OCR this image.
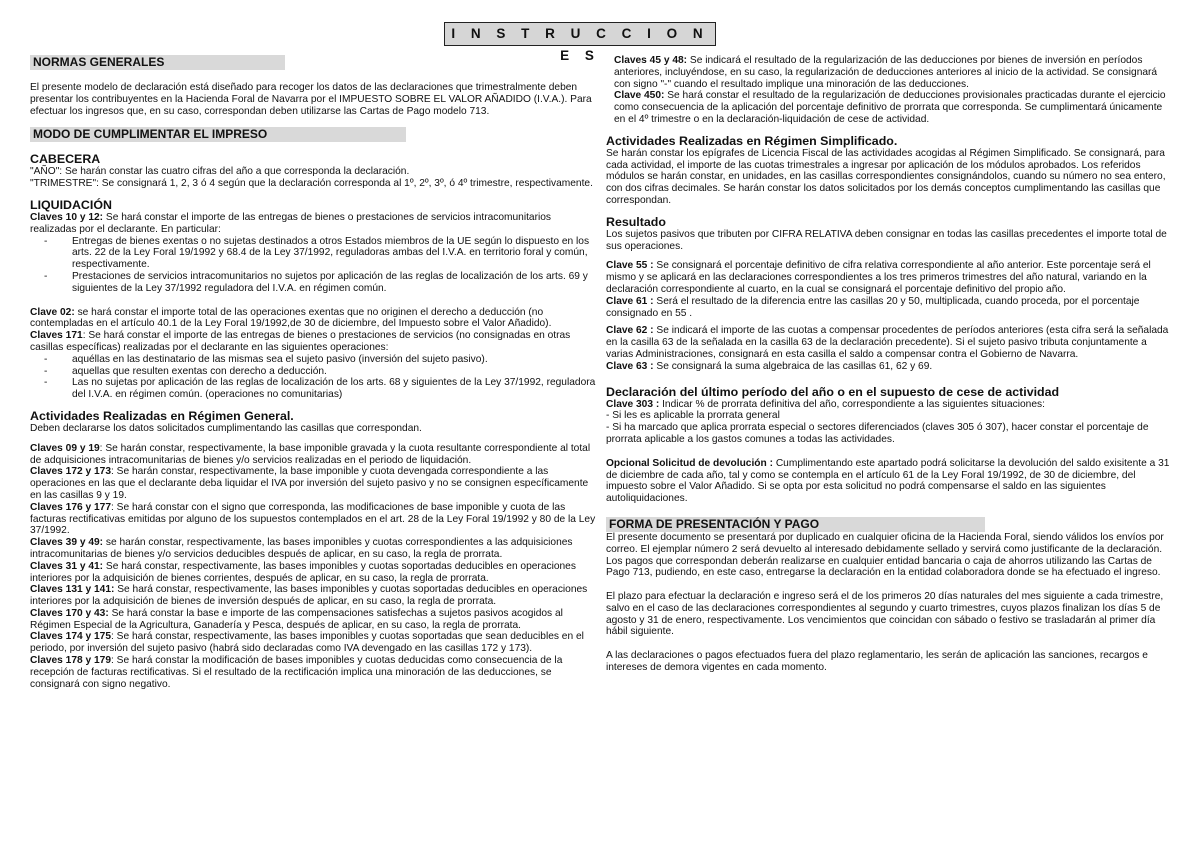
I N S T R U C C I O N E S
NORMAS GENERALES

El presente modelo de declaración está diseñado para recoger los datos de las declaraciones que trimestralmente deben presentar los contribuyentes en la Hacienda Foral de Navarra por el IMPUESTO SOBRE EL VALOR AÑADIDO (I.V.A.). Para efectuar los ingresos que, en su caso, correspondan deben utilizarse las Cartas de Pago modelo 713.

MODO DE CUMPLIMENTAR EL IMPRESO
CABECERA

"AÑO": Se harán constar las cuatro cifras del año a que corresponda la declaración.

"TRIMESTRE": Se consignará 1, 2, 3 ó 4 según que la declaración corresponda al 1º, 2º, 3º, ó 4º trimestre, respectivamente.

LIQUIDACIÓN

Claves 10 y 12: Se hará constar el importe de las entregas de bienes o prestaciones de servicios intracomunitarios realizadas por el declarante. En particular:

- Entregas de bienes exentas o no sujetas destinados a otros Estados miembros de la UE según lo dispuesto en los arts. 22 de la Ley Foral 19/1992 y 68.4 de la Ley 37/1992, reguladoras ambas del I.V.A. en territorio foral y común, respectivamente.
- Prestaciones de servicios intracomunitarios no sujetos por aplicación de las reglas de localización de los arts. 69 y siguientes de la Ley 37/1992 reguladora del I.V.A. en régimen común.

Clave 02: se hará constar el importe total de las operaciones exentas que no originen el derecho a deducción (no contempladas en el artículo 40.1 de la Ley Foral 19/1992,de 30 de diciembre, del Impuesto sobre el Valor Añadido).

Claves 171: Se hará constar el importe de las entregas de bienes o prestaciones de servicios (no consignadas en otras casillas específicas) realizadas por el declarante en las siguientes operaciones:

- aquéllas en las destinatario de las mismas sea el sujeto pasivo (inversión del sujeto pasivo).
- aquellas que resulten exentas con derecho a deducción.
- Las no sujetas por aplicación de las reglas de localización de los arts. 68 y siguientes de la Ley 37/1992, reguladora del I.V.A. en régimen común. (operaciones no comunitarias)
Actividades Realizadas en Régimen General.

Deben declararse los datos solicitados cumplimentando las casillas que correspondan.

Claves 09 y 19: Se harán constar, respectivamente, la base imponible gravada y la cuota resultante correspondiente al total de adquisiciones intracomunitarias de bienes y/o servicios realizadas en el periodo de liquidación.

Claves 172 y 173: Se harán constar, respectivamente, la base imponible y cuota devengada correspondiente a las operaciones en las que el declarante deba liquidar el IVA por inversión del sujeto pasivo y no se consignen específicamente en las casillas 9 y 19.

Claves 176 y 177: Se hará constar con el signo que corresponda, las modificaciones de base imponible y cuota de las facturas rectificativas emitidas por alguno de los supuestos contemplados en el art. 28 de la Ley Foral 19/1992 y 80 de la Ley 37/1992.

Claves 39 y 49: se harán constar, respectivamente, las bases imponibles y cuotas correspondientes a las adquisiciones intracomunitarias de bienes y/o servicios deducibles después de aplicar, en su caso, la regla de prorrata.

Claves 31 y 41: Se hará constar, respectivamente, las bases imponibles y cuotas soportadas deducibles en operaciones interiores por la adquisición de bienes corrientes, después de aplicar, en su caso, la regla de prorrata.

Claves 131 y 141: Se hará constar, respectivamente, las bases imponibles y cuotas soportadas deducibles en operaciones interiores por la adquisición de bienes de inversión después de aplicar, en su caso, la regla de prorrata.

Claves 170 y 43: Se hará constar la base e importe de las compensaciones satisfechas a sujetos pasivos acogidos al Régimen Especial de la Agricultura, Ganadería y Pesca, después de aplicar, en su caso, la regla de prorrata.

Claves 174 y 175: Se hará constar, respectivamente, las bases imponibles y cuotas soportadas que sean deducibles en el periodo, por inversión del sujeto pasivo (habrá sido declaradas como IVA devengado en las casillas 172 y 173).

Claves 178 y 179: Se hará constar la modificación de bases imponibles y cuotas deducidas como consecuencia de la recepción de facturas rectificativas. Si el resultado de la rectificación implica una minoración de las deducciones, se consignará con signo negativo.

Claves 45 y 48: Se indicará el resultado de la regularización de las deducciones por bienes de inversión en períodos anteriores, incluyéndose, en su caso, la regularización de deducciones anteriores al inicio de la actividad. Se consignará con signo "-" cuando el resultado implique una minoración de las deducciones.

Clave 450: Se hará constar el resultado de la regularización de deducciones provisionales practicadas durante el ejercicio como consecuencia de la aplicación del porcentaje definitivo de prorrata que corresponda. Se cumplimentará únicamente en el 4º trimestre o en la declaración-liquidación de cese de actividad.

Actividades Realizadas en Régimen Simplificado.

Se harán constar los epígrafes de Licencia Fiscal de las actividades acogidas al Régimen Simplificado. Se consignará, para cada actividad, el importe de las cuotas trimestrales a ingresar por aplicación de los módulos aprobados. Los referidos módulos se harán constar, en unidades, en las casillas correspondientes consignándolos, cuando su número no sea entero, con dos cifras decimales. Se harán constar los datos solicitados por los demás conceptos cumplimentando las casillas que correspondan.

Resultado

Los sujetos pasivos que tributen por CIFRA RELATIVA deben consignar en todas las casillas precedentes el importe total de sus operaciones.

Clave 55 : Se consignará el porcentaje definitivo de cifra relativa correspondiente al año anterior. Este porcentaje será el mismo y se aplicará en las declaraciones correspondientes a los tres primeros trimestres del año natural, variando en la declaración correspondiente al cuarto, en la cual se consignará el porcentaje definitivo del propio año.

Clave 61 : Será el resultado de la diferencia entre las casillas 20 y 50, multiplicada, cuando proceda, por el porcentaje consignado en 55 .

Clave 62 : Se indicará el importe de las cuotas a compensar procedentes de períodos anteriores (esta cifra será la señalada en la casilla 63 de la señalada en la casilla 63 de la declaración precedente). Si el sujeto pasivo tributa conjuntamente a varias Administraciones, consignará en esta casilla el saldo a compensar contra el Gobierno de Navarra.

Clave 63 : Se consignará la suma algebraica de las casillas 61, 62 y 69.

Declaración del último período del año o en el supuesto de cese de actividad

Clave 303 : Indicar % de prorrata definitiva del año, correspondiente a las siguientes situaciones:

- Si les es aplicable la prorrata general

- Si ha marcado que aplica prorrata especial o sectores diferenciados (claves 305 ó 307), hacer constar el porcentaje de prorrata aplicable a los gastos comunes a todas las actividades.

Opcional Solicitud de devolución : Cumplimentando este apartado podrá solicitarse la devolución del saldo exisitente a 31 de diciembre de cada año, tal y como se contempla en el artículo 61 de la Ley Foral 19/1992, de 30 de diciembre, del impuesto sobre el Valor Añadido. Si se opta por esta solicitud no podrá compensarse el saldo en las siguientes autoliquidaciones.

FORMA DE PRESENTACIÓN Y PAGO

El presente documento se presentará por duplicado en cualquier oficina de la Hacienda Foral, siendo válidos los envíos por correo. El ejemplar número 2 será devuelto al interesado debidamente sellado y servirá como justificante de la declaración. Los pagos que correspondan deberán realizarse en cualquier entidad bancaria o caja de ahorros utilizando las Cartas de Pago 713, pudiendo, en este caso, entregarse la declaración en la entidad colaboradora donde se ha efectuado el ingreso.

El plazo para efectuar la declaración e ingreso será el de los primeros 20 días naturales del mes siguiente a cada trimestre, salvo en el caso de las declaraciones correspondientes al segundo y cuarto trimestres, cuyos plazos finalizan los días 5 de agosto y 31 de enero, respectivamente. Los vencimientos que coincidan con sábado o festivo se trasladarán al primer día hábil siguiente.

A las declaraciones o pagos efectuados fuera del plazo reglamentario, les serán de aplicación las sanciones, recargos e intereses de demora vigentes en cada momento.
